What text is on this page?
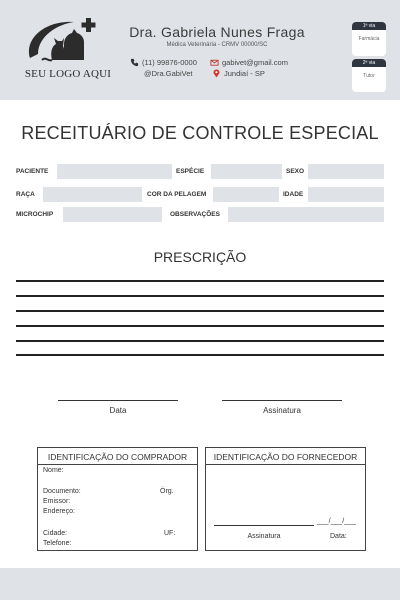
SEU LOGO AQUI
Dra. Gabriela Nunes Fraga
Médica Veterinária - CRMV 00000/SC
(11) 99876-0000	gabivet@gmail.com
@Dra.GabiVet	Jundiaí - SP
1ª via
Farmácia
2ª via
Tutor
RECEITUÁRIO DE CONTROLE ESPECIAL
PACIENTE	ESPÉCIE	SEXO
RAÇA	COR DA PELAGEM	IDADE
MICROCHIP	OBSERVAÇÕES
PRESCRIÇÃO
Data	Assinatura
IDENTIFICAÇÃO DO COMPRADOR
Nome:
Documento:	Órg.
Emissor:
Endereço:
Cidade:	UF:
Telefone:
IDENTIFICAÇÃO DO FORNECEDOR
___/___/___
Assinatura	Data:
